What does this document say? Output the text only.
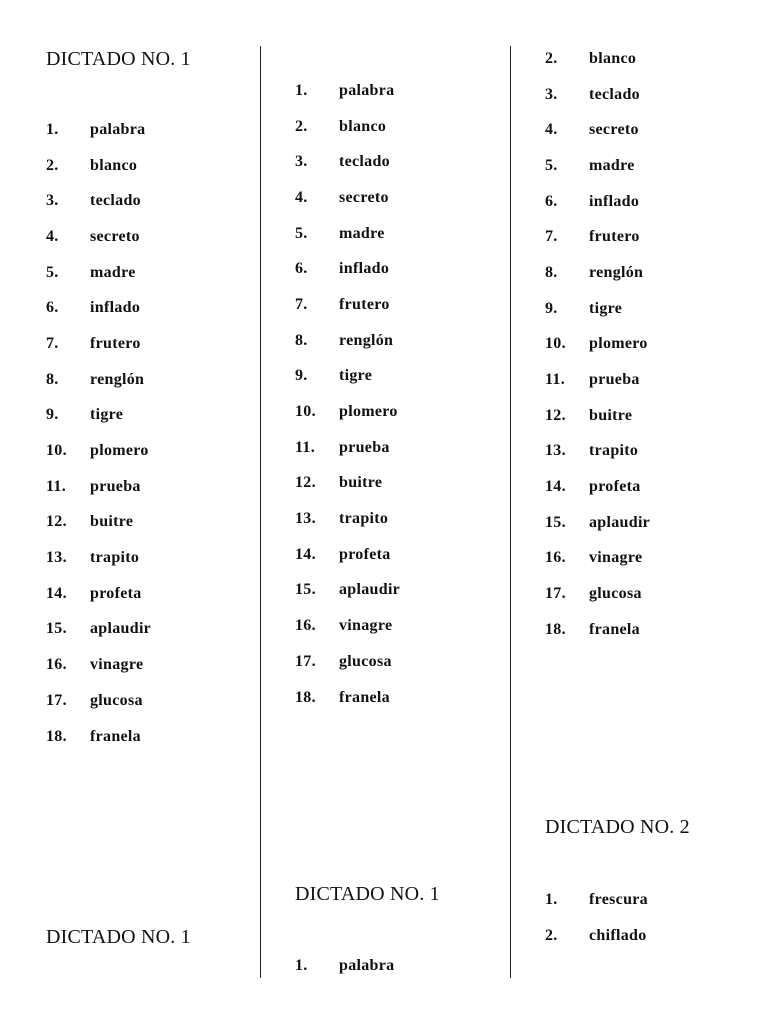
DICTADO NO. 1
1.	palabra
2.	blanco
3.	teclado
4.	secreto
5.	madre
6.	inflado
7.	frutero
8.	renglón
9.	tigre
10.	plomero
11.	prueba
12.	buitre
13.	trapito
14.	profeta
15.	aplaudir
16.	vinagre
17.	glucosa
18.	franela
DICTADO NO. 1
1.	palabra
2.	blanco
3.	teclado
4.	secreto
5.	madre
6.	inflado
7.	frutero
8.	renglón
9.	tigre
10.	plomero
11.	prueba
12.	buitre
13.	trapito
14.	profeta
15.	aplaudir
16.	vinagre
17.	glucosa
18.	franela
DICTADO NO. 1
1.	palabra
2.	blanco
3.	teclado
4.	secreto
5.	madre
6.	inflado
7.	frutero
8.	renglón
9.	tigre
10.	plomero
11.	prueba
12.	buitre
13.	trapito
14.	profeta
15.	aplaudir
16.	vinagre
17.	glucosa
18.	franela
DICTADO NO. 2
1.	frescura
2.	chiflado
